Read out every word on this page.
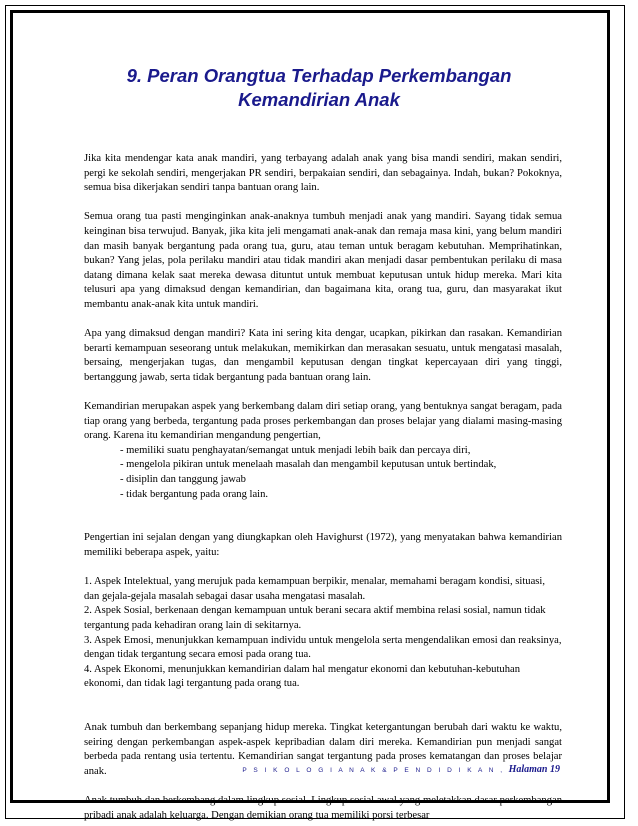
9. Peran Orangtua Terhadap Perkembangan
Kemandirian Anak

Jika kita mendengar kata anak mandiri, yang terbayang adalah anak yang bisa mandi sendiri, makan sendiri, pergi ke sekolah sendiri, mengerjakan PR sendiri, berpakaian sendiri, dan sebagainya. Indah, bukan? Pokoknya, semua bisa dikerjakan sendiri tanpa bantuan orang lain.

Semua orang tua pasti menginginkan anak-anaknya tumbuh menjadi anak yang mandiri. Sayang tidak semua keinginan bisa terwujud. Banyak, jika kita jeli mengamati anak-anak dan remaja masa kini, yang belum mandiri dan masih banyak bergantung pada orang tua, guru, atau teman untuk beragam kebutuhan. Memprihatinkan, bukan? Yang jelas, pola perilaku mandiri atau tidak mandiri akan menjadi dasar pembentukan perilaku di masa datang dimana kelak saat mereka dewasa dituntut untuk membuat keputusan untuk hidup mereka. Mari kita telusuri apa yang dimaksud dengan kemandirian, dan bagaimana kita, orang tua, guru, dan masyarakat ikut membantu anak-anak kita untuk mandiri.

Apa yang dimaksud dengan mandiri? Kata ini sering kita dengar, ucapkan, pikirkan dan rasakan. Kemandirian berarti kemampuan seseorang untuk melakukan, memikirkan dan merasakan sesuatu, untuk mengatasi masalah, bersaing, mengerjakan tugas, dan mengambil keputusan dengan tingkat kepercayaan diri yang tinggi, bertanggung jawab, serta tidak bergantung pada bantuan orang lain.

Kemandirian merupakan aspek yang berkembang dalam diri setiap orang, yang bentuknya sangat beragam, pada tiap orang yang berbeda, tergantung pada proses perkembangan dan proses belajar yang dialami masing-masing orang. Karena itu kemandirian mengandung pengertian,

- memiliki suatu penghayatan/semangat untuk menjadi lebih baik dan percaya diri,
- mengelola pikiran untuk menelaah masalah dan mengambil keputusan untuk bertindak,
- disiplin dan tanggung jawab
- tidak bergantung pada orang lain.

Pengertian ini sejalan dengan yang diungkapkan oleh Havighurst (1972), yang menyatakan bahwa kemandirian memiliki beberapa aspek, yaitu:

1. Aspek Intelektual, yang merujuk pada kemampuan berpikir, menalar, memahami beragam kondisi, situasi, dan gejala-gejala masalah sebagai dasar usaha mengatasi masalah.
2. Aspek Sosial, berkenaan dengan kemampuan untuk berani secara aktif membina relasi sosial, namun tidak tergantung pada kehadiran orang lain di sekitarnya.
3. Aspek Emosi, menunjukkan kemampuan individu untuk mengelola serta mengendalikan emosi dan reaksinya, dengan tidak tergantung secara emosi pada orang tua.
4. Aspek Ekonomi, menunjukkan kemandirian dalam hal mengatur ekonomi dan kebutuhan-kebutuhan ekonomi, dan tidak lagi tergantung pada orang tua.

Anak tumbuh dan berkembang sepanjang hidup mereka. Tingkat ketergantungan berubah dari waktu ke waktu, seiring dengan perkembangan aspek-aspek kepribadian dalam diri mereka. Kemandirian pun menjadi sangat berbeda pada rentang usia tertentu. Kemandirian sangat tergantung pada proses kematangan dan proses belajar anak.

Anak tumbuh dan berkembang dalam lingkup sosial. Lingkup sosial awal yang meletakkan dasar perkembangan pribadi anak adalah keluarga. Dengan demikian orang tua memiliki porsi terbesar

P S I K O L O G I A N A K & P E N D I D I K A N , Halaman 19
